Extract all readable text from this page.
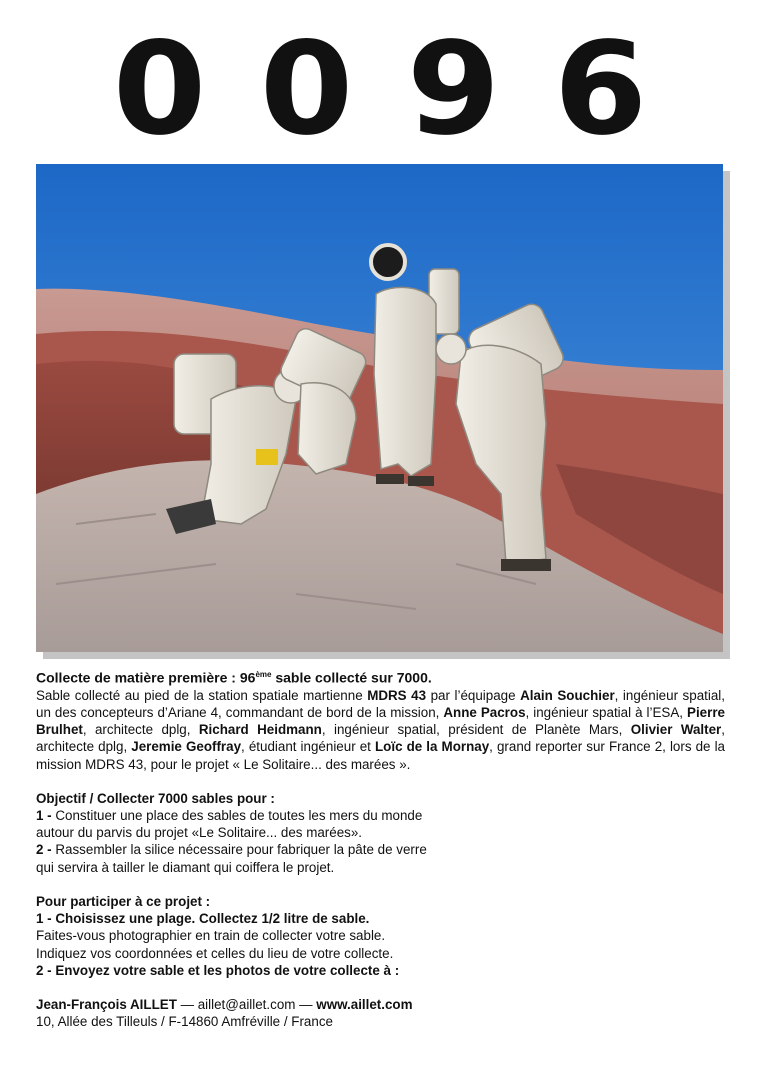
0 0 9 6

Collecte de matière première : 96ème sable collecté sur 7000.

Sable collecté au pied de la station spatiale martienne MDRS 43 par l’équipage Alain Souchier, ingénieur spatial, un des concepteurs d’Ariane 4, commandant de bord de la mission, Anne Pacros, ingénieur spatial à l’ESA, Pierre Brulhet, architecte dplg, Richard Heidmann, ingénieur spatial, président de Planète Mars, Olivier Walter, architecte dplg, Jeremie Geoffray, étudiant ingénieur et Loïc de la Mornay, grand reporter sur France 2, lors de la mission MDRS 43, pour le projet « Le Solitaire... des marées ».

Objectif / Collecter 7000 sables pour :

1 - Constituer une place des sables de toutes les mers du monde

autour du parvis du projet «Le Solitaire... des marées».

2 - Rassembler la silice nécessaire pour fabriquer la pâte de verre

qui servira à tailler le diamant qui coiffera le projet.

Pour participer à ce projet :

1 - Choisissez une plage. Collectez 1/2 litre de sable.

Faites-vous photographier en train de collecter votre sable.

Indiquez vos coordonnées et celles du lieu de votre collecte.

2 - Envoyez votre sable et les photos de votre collecte à :

Jean-François AILLET — aillet@aillet.com — www.aillet.com

10, Allée des Tilleuls / F-14860 Amfréville / France
